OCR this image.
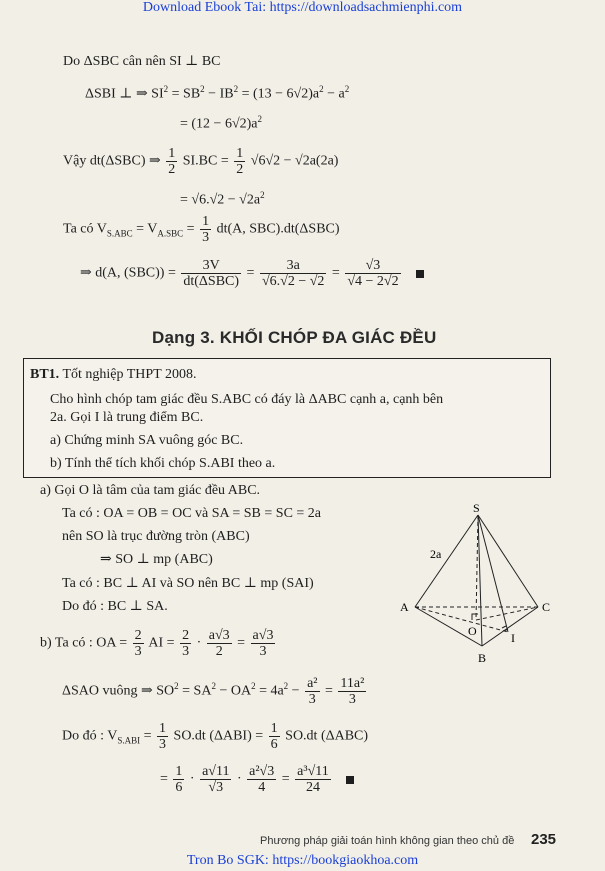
Download Ebook Tai: https://downloadsachmienphi.com
Do ΔSBC cân nên SI ⊥ BC
ΔSBI ⊥ ⇒ $SI^2 = SB^2 - IB^2 = (13 - 6√2)a^2 - a^2$
= $(12 - 6√2)a^2$
Vậy dt(ΔSBC) ⇒ $\frac{1}{2} SI.BC = \frac{1}{2} √6√2 - √2a(2a)$
= $√6.√2 - √2a^2$
Ta có $V_{S.ABC} = V_{A.SBC} = \frac{1}{3} dt(A$, SBC).dt(ΔSBC)
⇒ d(A, $(SBC)) = \frac{3V}{\text{dt(ΔSBC)}} = \frac{3a}{√6.√2 - √2} = \frac{√3}{√4 - 2√2}$

Dạng 3. KHỐI CHÓP ĐA GIÁC ĐỀU
BT1. Tốt nghiệp THPT 2008.
Cho hình chóp tam giác đều S.ABC có đáy là ΔABC cạnh a, cạnh bên
2a. Gọi I là trung điểm BC.
a) Chứng minh SA vuông góc BC.
b) Tính thể tích khối chóp S.ABI theo a.
a) Gọi O là tâm của tam giác đều ABC.
Ta có : OA = OB = OC và SA = SB = SC = 2a
nên SO là trục đường tròn (ABC)
⇒ SO ⊥ mp (ABC)
Ta có : BC ⊥ AI và SO nên BC ⊥ mp (SAI)
Do đó : BC ⊥ SA.
b) Ta có : OA = $\frac{2}{3}$ AI = $\frac{2}{3} \cdot \frac{a√3}{2} = \frac{a√3}{3}$
ΔSAO vuông ⇒ $SO^2 = SA^2 - OA^2 = 4a^2 - \frac{\text{a²}}{3} = \frac{\text{11a²}}{3}$
Do đó : $V_{S.ABI} = \frac{1}{3} SO.dt$ $(\Delta ABI) = \frac{1}{6} SO.dt$ (ΔABC)
= $\frac{1}{6} \cdot \frac{a√11}{√3} \cdot \frac{\text{a²√3}}{4} = \frac{\text{a³√11}}{24}$

S
A	C
B
O	I
2a
Phương pháp giải toán hình không gian theo chủ đề 235
Tron Bo SGK: https://bookgiaokhoa.com
